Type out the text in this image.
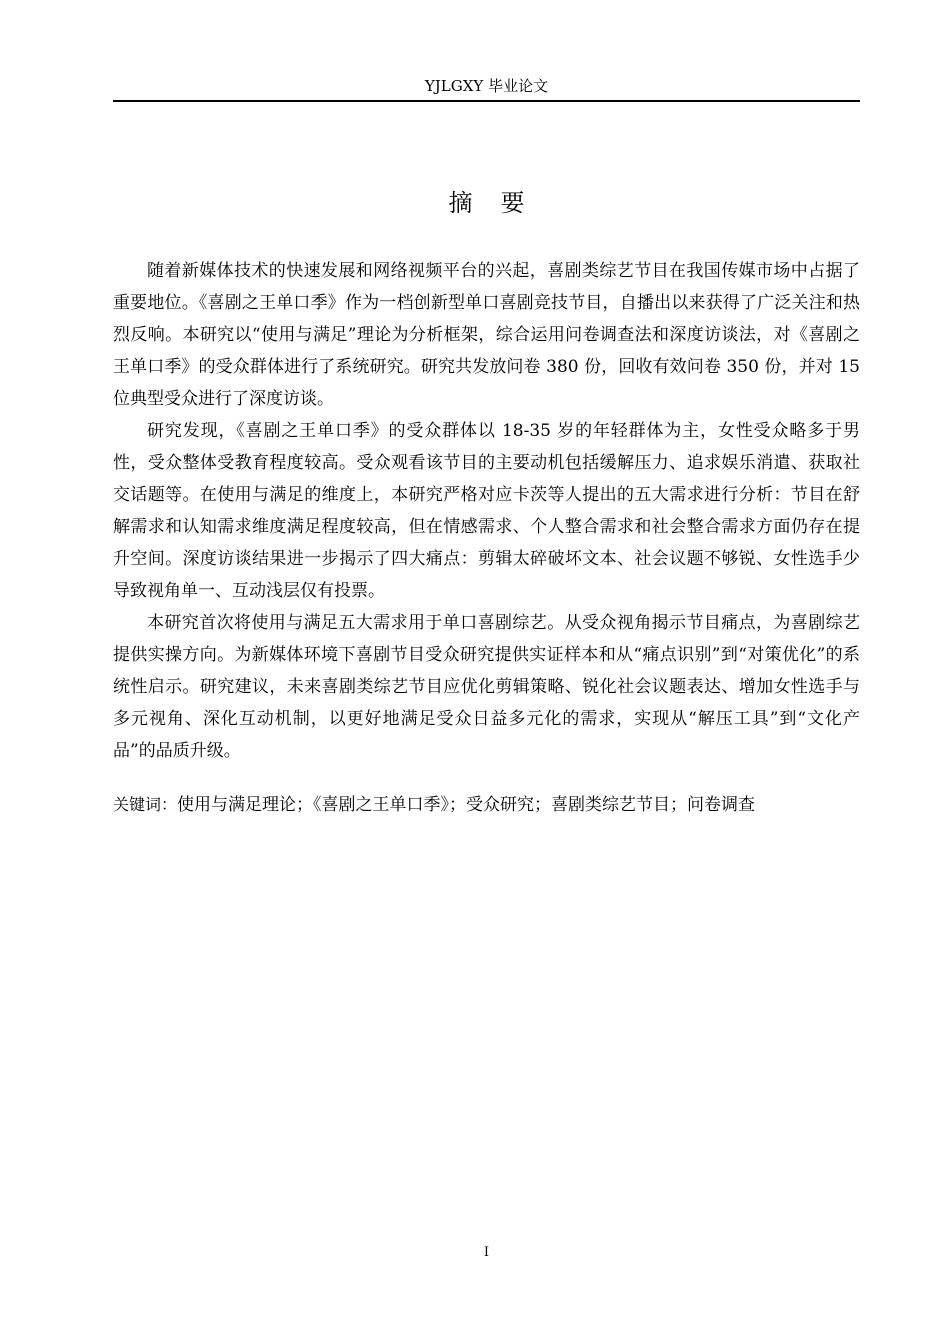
YJLGXY 毕业论文
摘要

随着新媒体技术的快速发展和网络视频平台的兴起，喜剧类综艺节目在我国传媒市场中占据了重要地位。《喜剧之王单口季》作为一档创新型单口喜剧竞技节目，自播出以来获得了广泛关注和热烈反响。本研究以“使用与满足”理论为分析框架，综合运用问卷调查法和深度访谈法，对《喜剧之王单口季》的受众群体进行了系统研究。研究共发放问卷 380 份，回收有效问卷 350 份，并对 15 位典型受众进行了深度访谈。

研究发现，《喜剧之王单口季》的受众群体以 18-35 岁的年轻群体为主，女性受众略多于男性，受众整体受教育程度较高。受众观看该节目的主要动机包括缓解压力、追求娱乐消遣、获取社交话题等。在使用与满足的维度上，本研究严格对应卡茨等人提出的五大需求进行分析：节目在舒解需求和认知需求维度满足程度较高，但在情感需求、个人整合需求和社会整合需求方面仍存在提升空间。深度访谈结果进一步揭示了四大痛点：剪辑太碎破坏文本、社会议题不够锐、女性选手少导致视角单一、互动浅层仅有投票。

本研究首次将使用与满足五大需求用于单口喜剧综艺。从受众视角揭示节目痛点，为喜剧综艺提供实操方向。为新媒体环境下喜剧节目受众研究提供实证样本和从“痛点识别”到“对策优化”的系统性启示。研究建议，未来喜剧类综艺节目应优化剪辑策略、锐化社会议题表达、增加女性选手与多元视角、深化互动机制，以更好地满足受众日益多元化的需求，实现从“解压工具”到“文化产品”的品质升级。

关键词：使用与满足理论；《喜剧之王单口季》；受众研究；喜剧类综艺节目；问卷调查
I
